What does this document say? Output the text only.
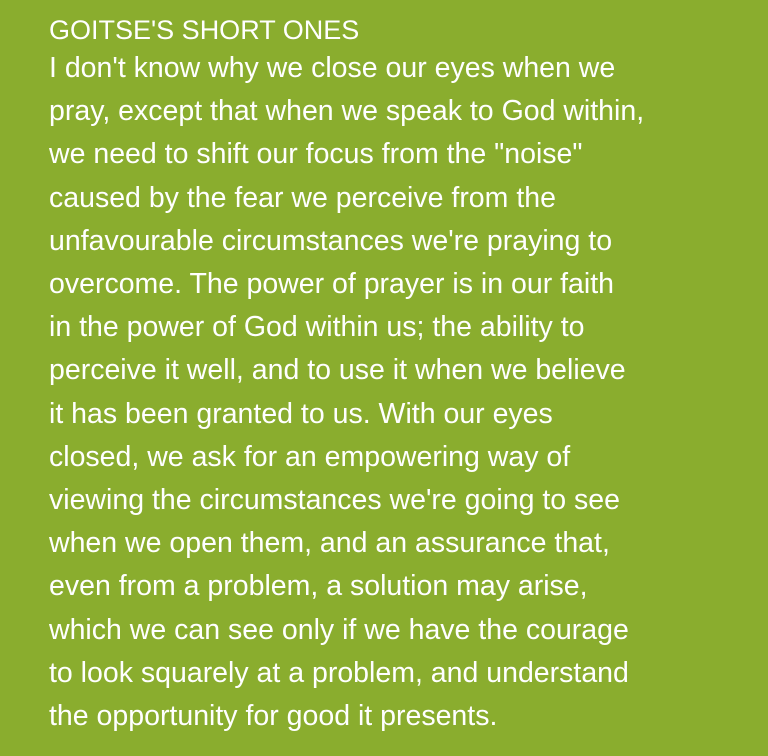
GOITSE'S SHORT ONES

I don't know why we close our eyes when we
pray, except that when we speak to God within,
we need to shift our focus from the "noise"
caused by the fear we perceive from the
unfavourable circumstances we're praying to
overcome. The power of prayer is in our faith
in the power of God within us; the ability to
perceive it well, and to use it when we believe
it has been granted to us. With our eyes
closed, we ask for an empowering way of
viewing the circumstances we're going to see
when we open them, and an assurance that,
even from a problem, a solution may arise,
which we can see only if we have the courage
to look squarely at a problem, and understand
the opportunity for good it presents.
